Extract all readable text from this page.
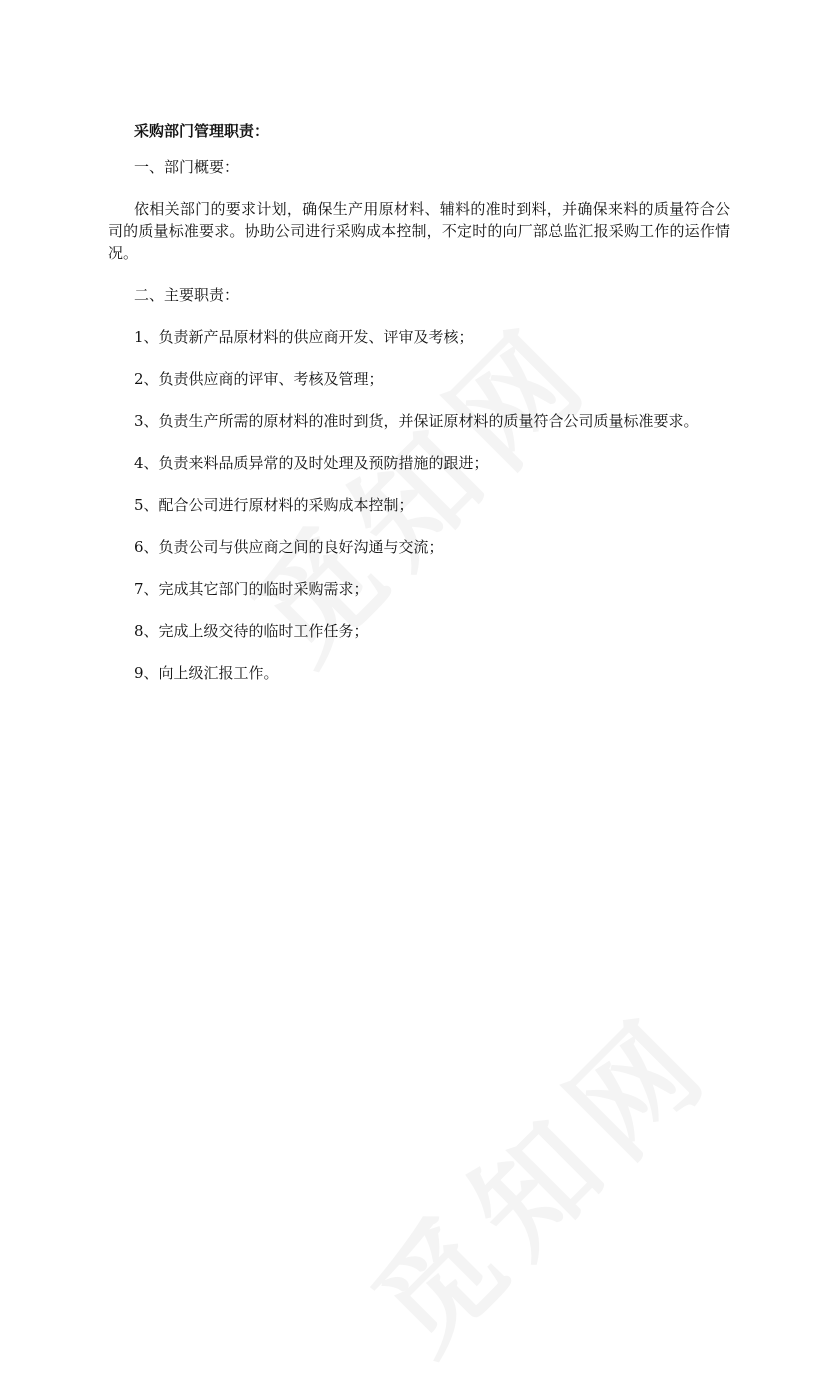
采购部门管理职责：

一、部门概要：

依相关部门的要求计划，确保生产用原材料、辅料的准时到料，并确保来料的质量符合公司的质量标准要求。协助公司进行采购成本控制，不定时的向厂部总监汇报采购工作的运作情况。

二、主要职责：

1、负责新产品原材料的供应商开发、评审及考核；

2、负责供应商的评审、考核及管理；

3、负责生产所需的原材料的准时到货，并保证原材料的质量符合公司质量标准要求。

4、负责来料品质异常的及时处理及预防措施的跟进；

5、配合公司进行原材料的采购成本控制；

6、负责公司与供应商之间的良好沟通与交流；

7、完成其它部门的临时采购需求；

8、完成上级交待的临时工作任务；

9、向上级汇报工作。
